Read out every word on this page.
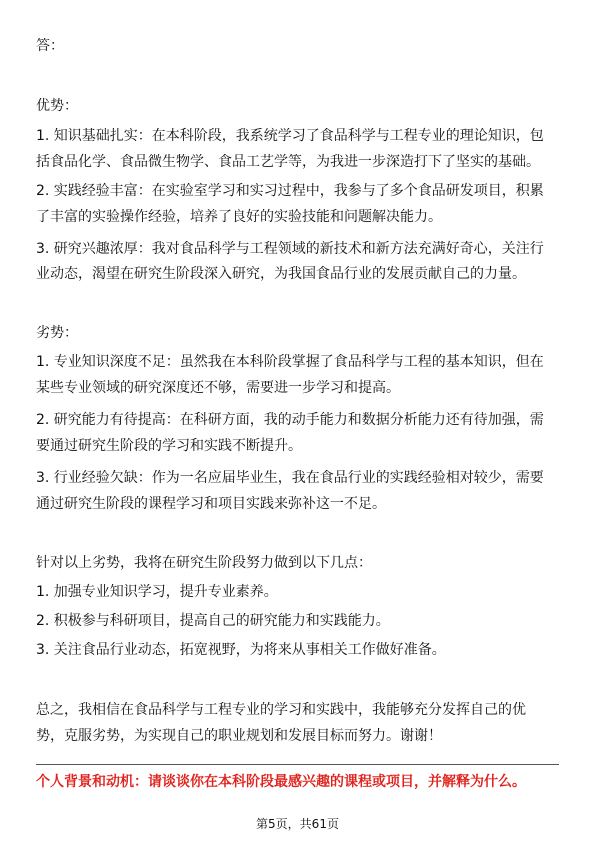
答：
优势：
1. 知识基础扎实：在本科阶段，我系统学习了食品科学与工程专业的理论知识，包
括食品化学、食品微生物学、食品工艺学等，为我进一步深造打下了坚实的基础。
2. 实践经验丰富：在实验室学习和实习过程中，我参与了多个食品研发项目，积累
了丰富的实验操作经验，培养了良好的实验技能和问题解决能力。
3. 研究兴趣浓厚：我对食品科学与工程领域的新技术和新方法充满好奇心，关注行
业动态，渴望在研究生阶段深入研究，为我国食品行业的发展贡献自己的力量。
劣势：
1. 专业知识深度不足：虽然我在本科阶段掌握了食品科学与工程的基本知识，但在
某些专业领域的研究深度还不够，需要进一步学习和提高。
2. 研究能力有待提高：在科研方面，我的动手能力和数据分析能力还有待加强，需
要通过研究生阶段的学习和实践不断提升。
3. 行业经验欠缺：作为一名应届毕业生，我在食品行业的实践经验相对较少，需要
通过研究生阶段的课程学习和项目实践来弥补这一不足。
针对以上劣势，我将在研究生阶段努力做到以下几点：
1. 加强专业知识学习，提升专业素养。
2. 积极参与科研项目，提高自己的研究能力和实践能力。
3. 关注食品行业动态，拓宽视野，为将来从事相关工作做好准备。
总之，我相信在食品科学与工程专业的学习和实践中，我能够充分发挥自己的优
势，克服劣势，为实现自己的职业规划和发展目标而努力。谢谢！
个人背景和动机：请谈谈你在本科阶段最感兴趣的课程或项目，并解释为什么。
第5页，共61页
